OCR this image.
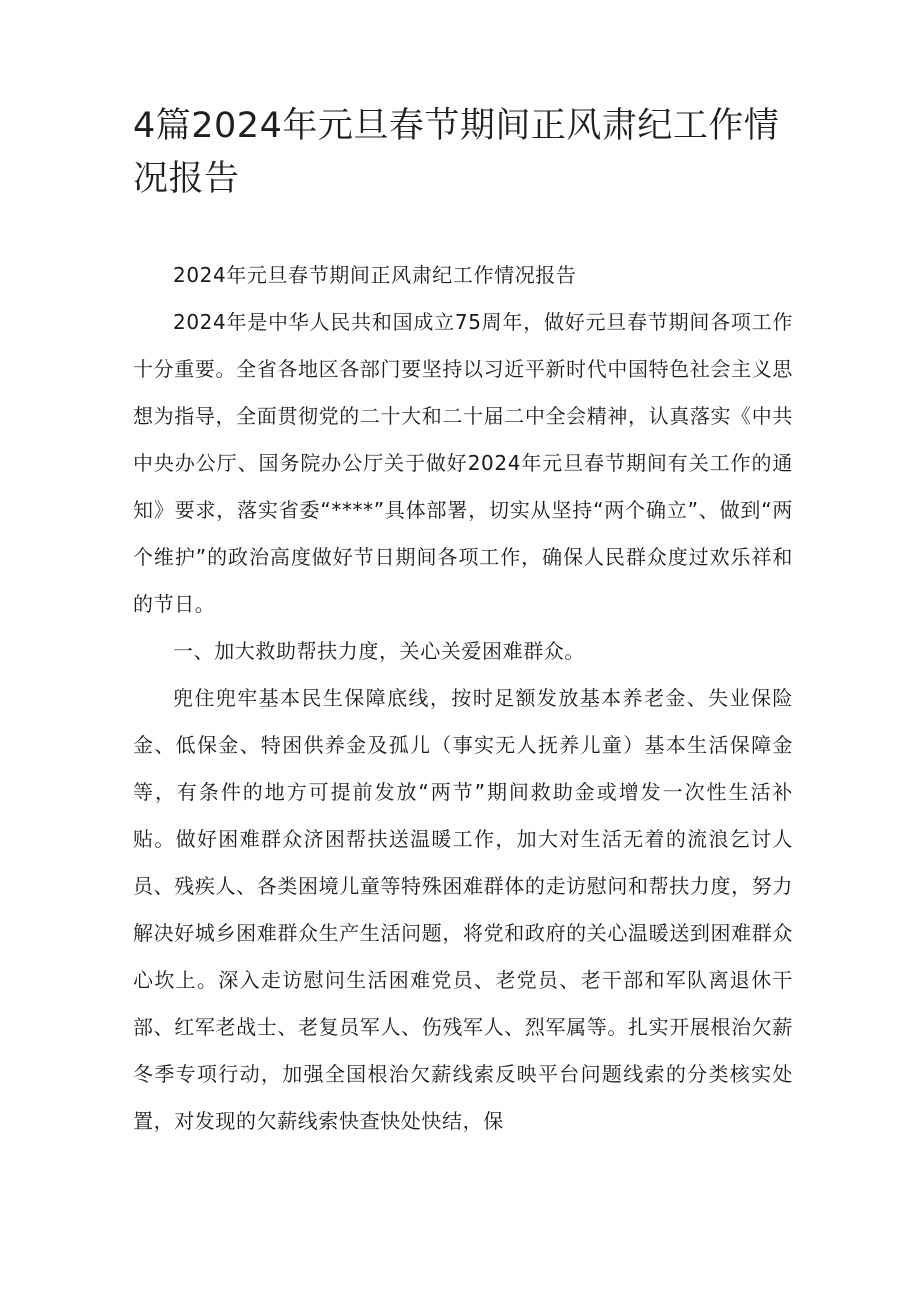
4篇2024年元旦春节期间正风肃纪工作情况报告

2024年元旦春节期间正风肃纪工作情况报告

2024年是中华人民共和国成立75周年，做好元旦春节期间各项工作十分重要。全省各地区各部门要坚持以习近平新时代中国特色社会主义思想为指导，全面贯彻党的二十大和二十届二中全会精神，认真落实《中共中央办公厅、国务院办公厅关于做好2024年元旦春节期间有关工作的通知》要求，落实省委“****”具体部署，切实从坚持“两个确立”、做到“两个维护”的政治高度做好节日期间各项工作，确保人民群众度过欢乐祥和的节日。

一、加大救助帮扶力度，关心关爱困难群众。

兜住兜牢基本民生保障底线，按时足额发放基本养老金、失业保险金、低保金、特困供养金及孤儿（事实无人抚养儿童）基本生活保障金等，有条件的地方可提前发放“两节”期间救助金或增发一次性生活补贴。做好困难群众济困帮扶送温暖工作，加大对生活无着的流浪乞讨人员、残疾人、各类困境儿童等特殊困难群体的走访慰问和帮扶力度，努力解决好城乡困难群众生产生活问题，将党和政府的关心温暖送到困难群众心坎上。深入走访慰问生活困难党员、老党员、老干部和军队离退休干部、红军老战士、老复员军人、伤残军人、烈军属等。扎实开展根治欠薪冬季专项行动，加强全国根治欠薪线索反映平台问题线索的分类核实处置，对发现的欠薪线索快查快处快结，保
